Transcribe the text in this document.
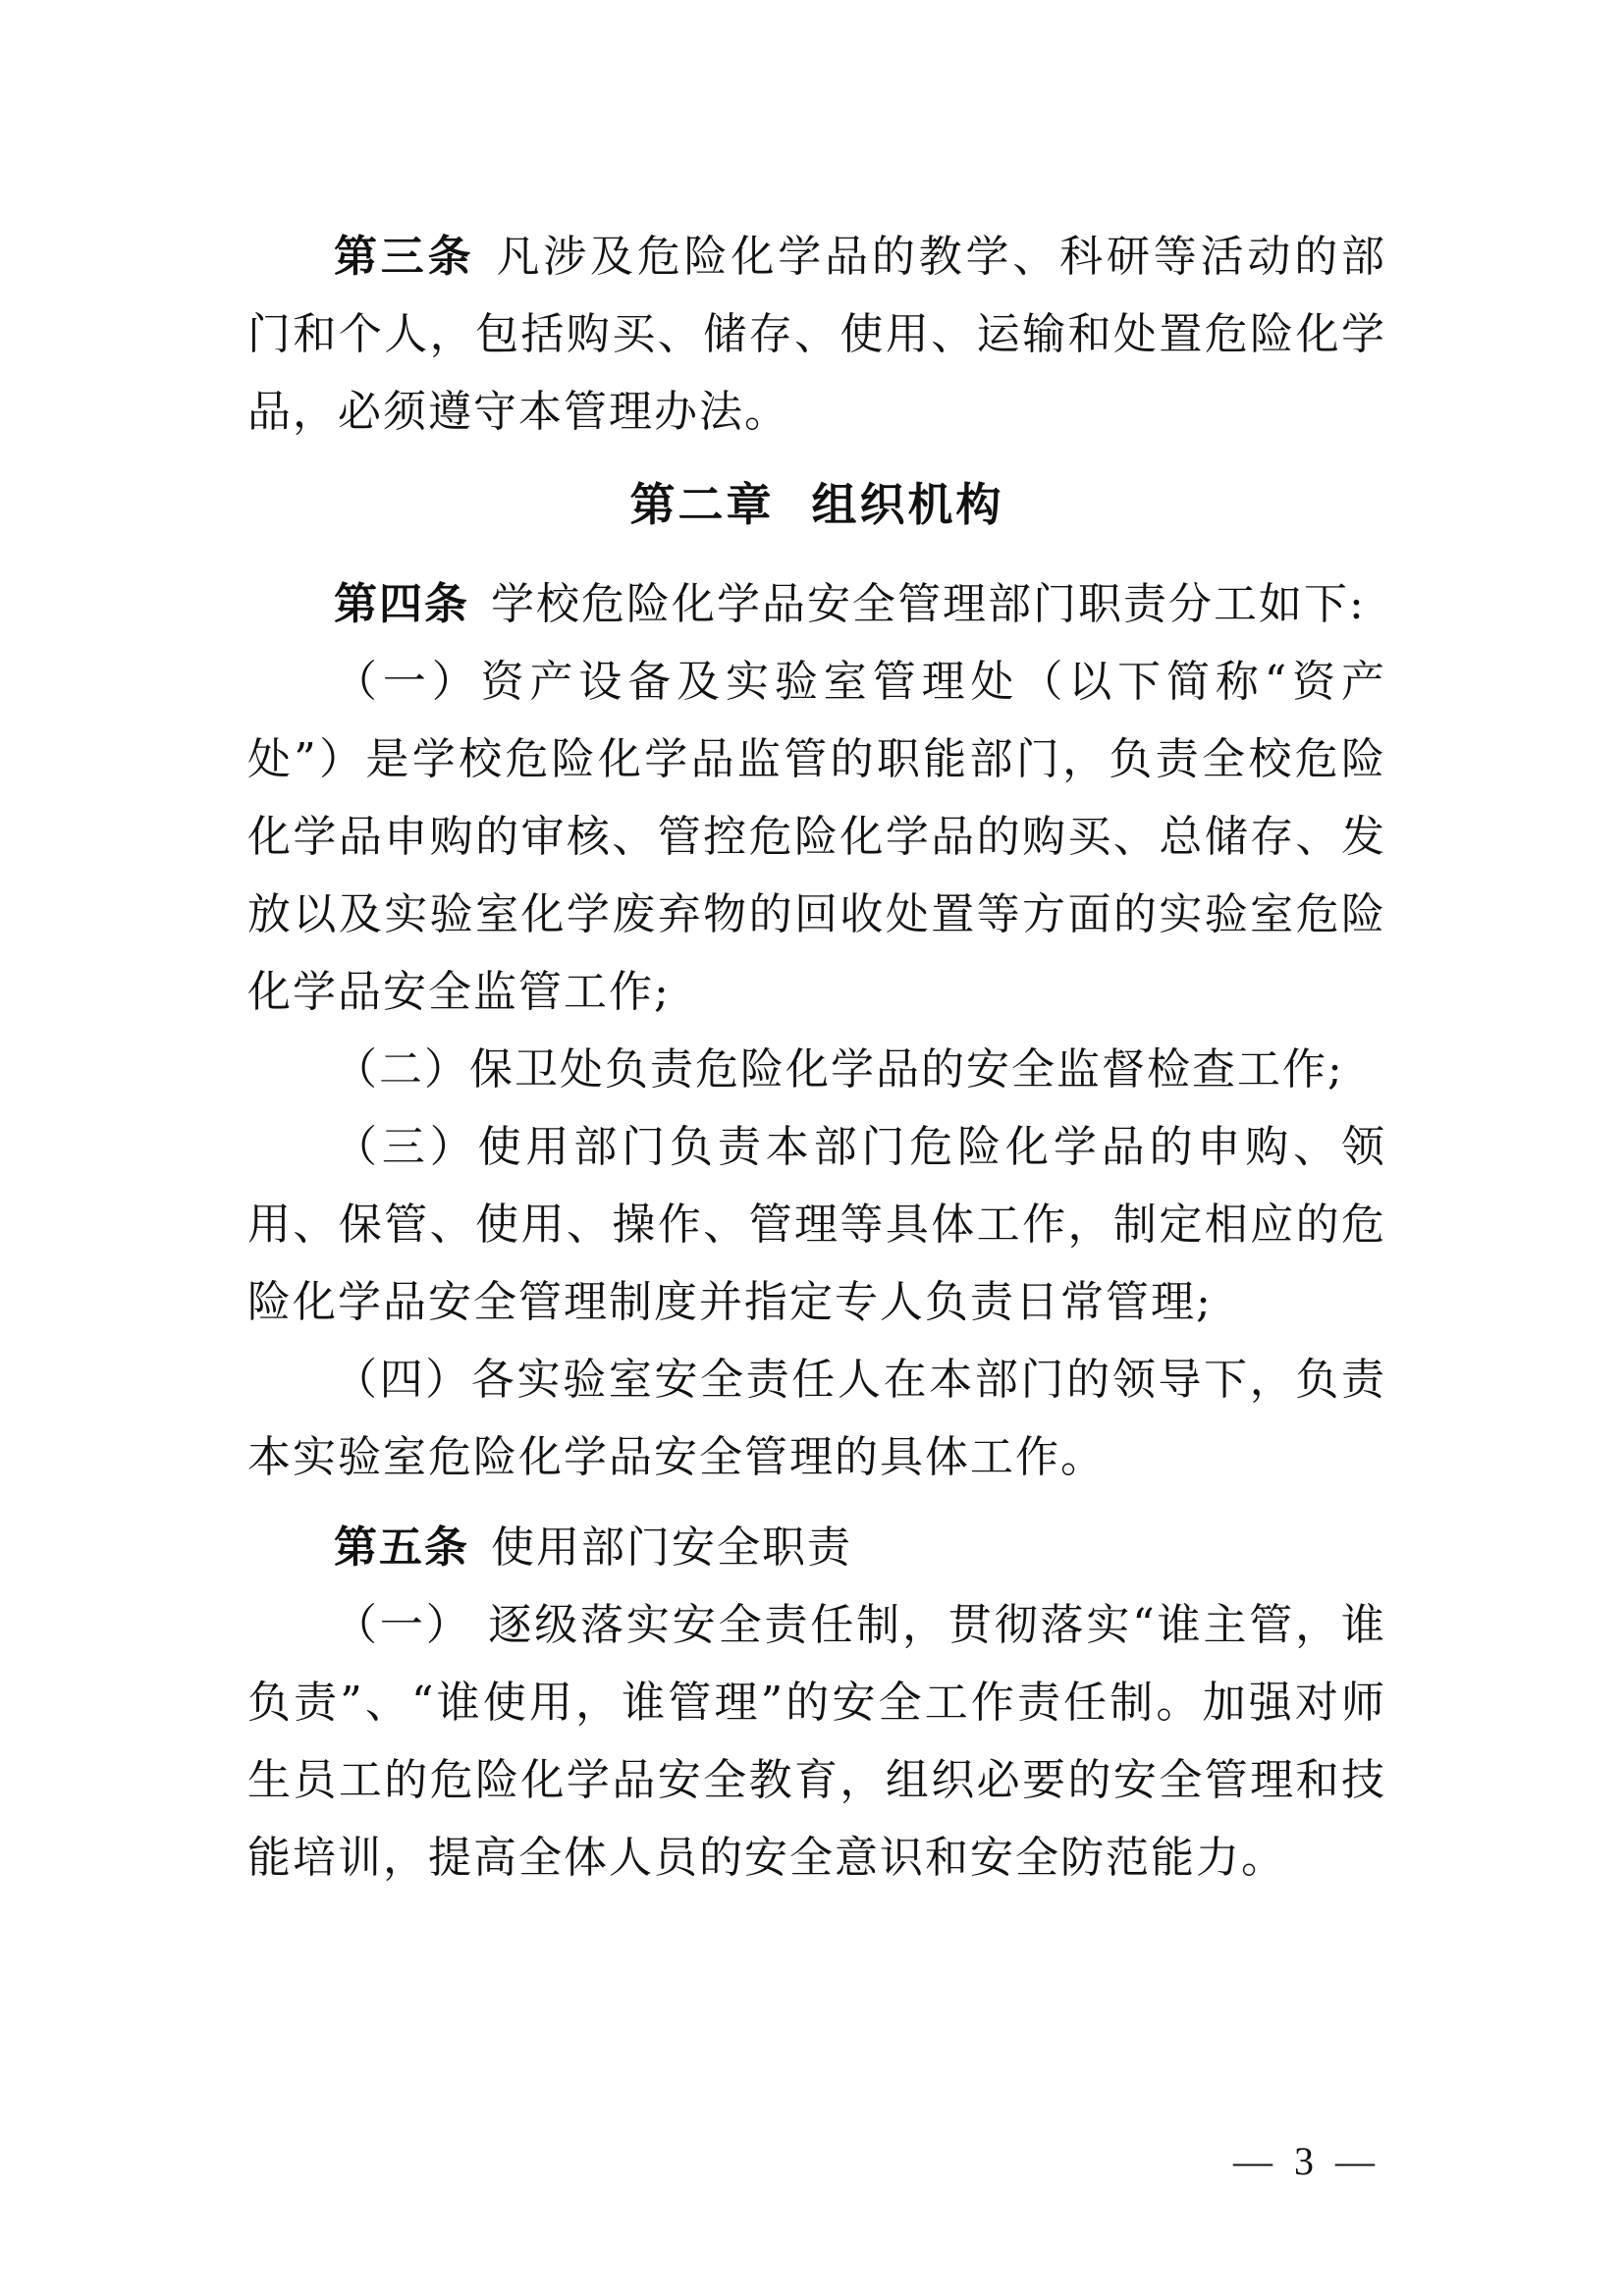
第三条 凡涉及危险化学品的教学、科研等活动的部门和个人，包括购买、储存、使用、运输和处置危险化学品，必须遵守本管理办法。

第二章 组织机构

第四条 学校危险化学品安全管理部门职责分工如下:

（一）资产设备及实验室管理处（以下简称“资产处”）是学校危险化学品监管的职能部门，负责全校危险化学品申购的审核、管控危险化学品的购买、总储存、发放以及实验室化学废弃物的回收处置等方面的实验室危险化学品安全监管工作;

（二）保卫处负责危险化学品的安全监督检查工作;

（三）使用部门负责本部门危险化学品的申购、领用、保管、使用、操作、管理等具体工作，制定相应的危险化学品安全管理制度并指定专人负责日常管理;

（四）各实验室安全责任人在本部门的领导下，负责本实验室危险化学品安全管理的具体工作。

第五条 使用部门安全职责

（一） 逐级落实安全责任制，贯彻落实“谁主管，谁负责”、“谁使用，谁管理”的安全工作责任制。加强对师生员工的危险化学品安全教育，组织必要的安全管理和技能培训，提高全体人员的安全意识和安全防范能力。

— 3 —
